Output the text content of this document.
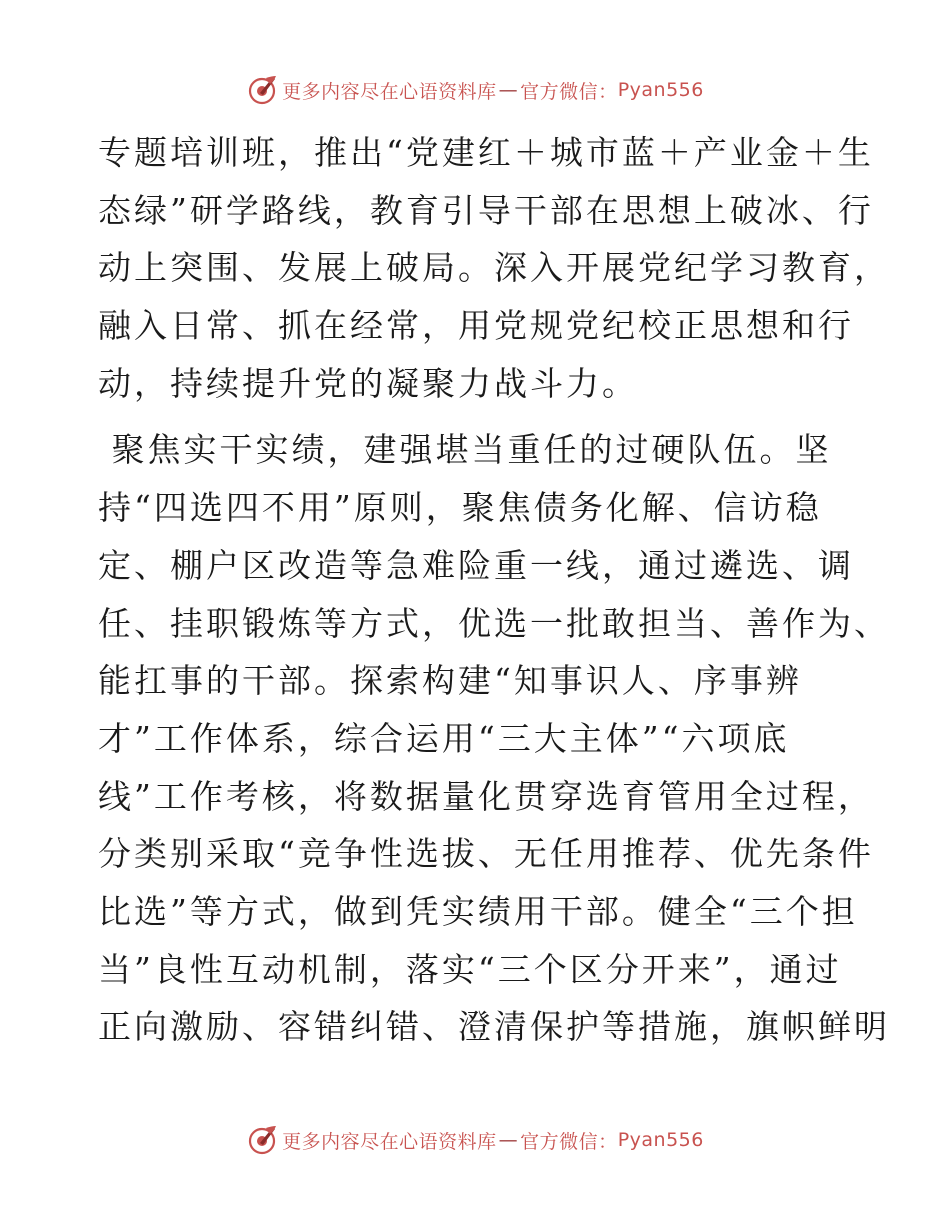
更多内容尽在心语资料库 — 官方微信： Pyan556
专题培训班，推出“党建红＋城市蓝＋产业金＋生
态绿”研学路线，教育引导干部在思想上破冰、行
动上突围、发展上破局。深入开展党纪学习教育，
融入日常、抓在经常，用党规党纪校正思想和行
动，持续提升党的凝聚力战斗力。
聚焦实干实绩，建强堪当重任的过硬队伍。坚
持“四选四不用”原则，聚焦债务化解、信访稳
定、棚户区改造等急难险重一线，通过遴选、调
任、挂职锻炼等方式，优选一批敢担当、善作为、
能扛事的干部。探索构建“知事识人、序事辨
才”工作体系，综合运用“三大主体”“六项底
线”工作考核，将数据量化贯穿选育管用全过程，
分类别采取“竞争性选拔、无任用推荐、优先条件
比选”等方式，做到凭实绩用干部。健全“三个担
当”良性互动机制，落实“三个区分开来”，通过
正向激励、容错纠错、澄清保护等措施，旗帜鲜明
更多内容尽在心语资料库 — 官方微信： Pyan556
